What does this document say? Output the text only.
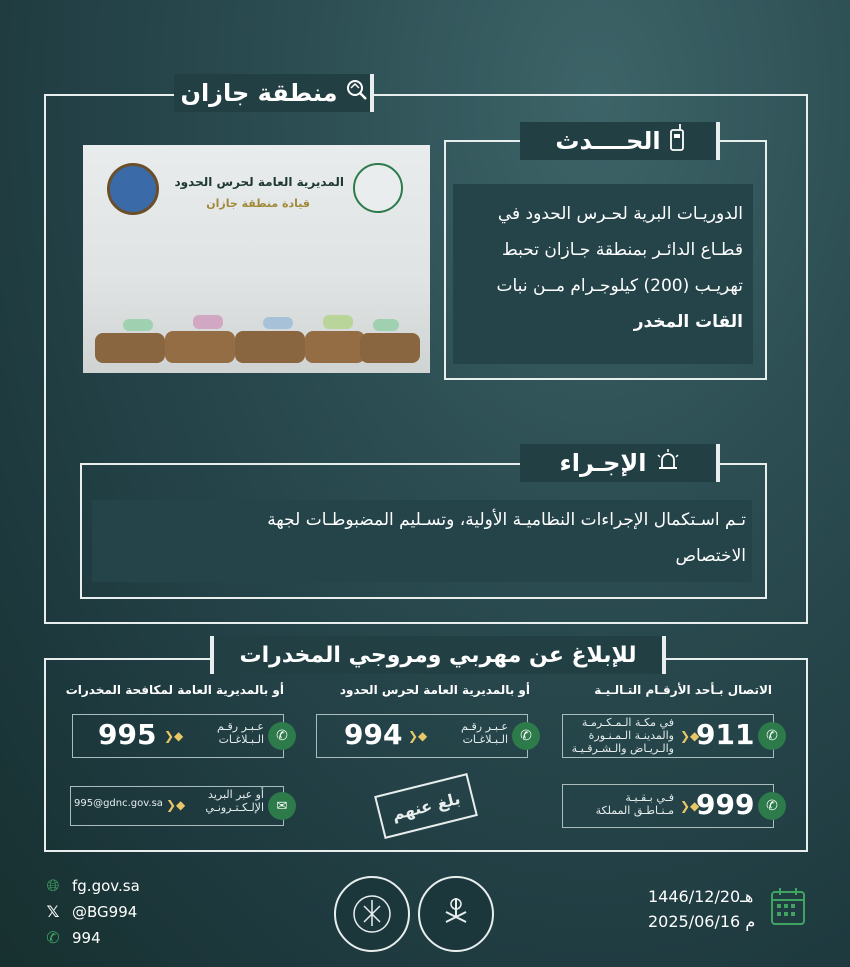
منطقة جازان
المديرية العامة لحرس الحدود
قيادة منطقة جازان
الحــــدث
الدوريـات البرية لحـرس الحدود في
قطـاع الدائـر بمنطقة جـازان تحبط
تهريـب (200) كيلوجـرام مــن نبات
القات المخدر
الإجـراء
تـم اسـتكمال الإجراءات النظاميـة الأولية، وتسـليم المضبوطـات لجهة
الاختصاص
للإبلاغ عن مهربي ومروجي المخدرات
الاتصال بـأحد الأرقـام التـالـيـة
أو بالمديرية العامة لحرس الحدود
أو بالمديرية العامة لمكافحة المخدرات
✆
911
❯◆
في مكـة الـمـكـرمـة
والمدينـة الـمـنـورة
والـريـاض والـشـرقـيـة
✆
999
❯◆
فـي بـقـيـة
مـنـاطـق المملكة
✆
عـبـر رقـم
الـبـلاغـات
❯◆
994
✆
عـبـر رقـم
الـبـلاغـات
❯◆
995
✉
أو عبر البريد
الإلـكـتـرونـي
❯◆
995@gdnc.gov.sa	بلغ عنهم
🌐︎ fg.gov.sa
𝕏 @BG994
✆ 994
1446/12/20هـ
2025/06/16 م
